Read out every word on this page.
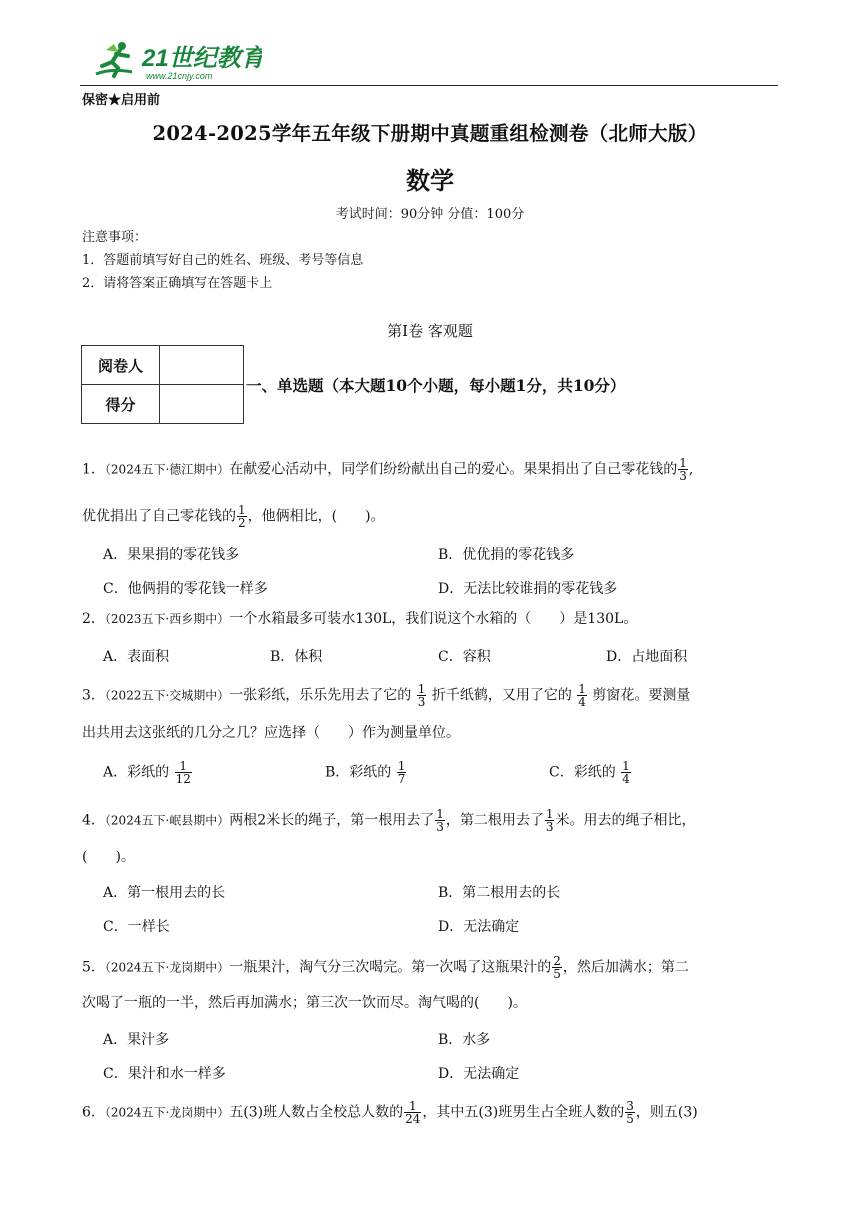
21世纪教育
www.21cnjy.com
保密★启用前
2024-2025学年五年级下册期中真题重组检测卷（北师大版）
数学
考试时间：90分钟 分值：100分
注意事项：
1．答题前填写好自己的姓名、班级、考号等信息
2．请将答案正确填写在答题卡上
第Ⅰ卷 客观题
阅卷人	
得分	
一、单选题（本大题10个小题，每小题1分，共10分）
1．（2024五下·德江期中）在献爱心活动中，同学们纷纷献出自己的爱心。果果捐出了自己零花钱的 $\frac{1}{3}$ ,
优优捐出了自己零花钱的 $\frac{1}{2}$ ，他俩相比，(　　)。
A．果果捐的零花钱多	B．优优捐的零花钱多
C．他俩捐的零花钱一样多	D．无法比较谁捐的零花钱多
2．（2023五下·西乡期中）一个水箱最多可装水130L，我们说这个水箱的（　　）是130L。
A．表面积	B．体积	C．容积	D．占地面积
3．（2022五下·交城期中）一张彩纸，乐乐先用去了它的 $\frac{1}{3}$ 折千纸鹤，又用了它的 $\frac{1}{4}$ 剪窗花。要测量
出共用去这张纸的几分之几？应选择（　　）作为测量单位。
A．彩纸的 $\frac{1}{12}$	B．彩纸的 $\frac{1}{7}$	C．彩纸的 $\frac{1}{4}$
4．（2024五下·岷县期中）两根2米长的绳子，第一根用去了 $\frac{1}{3}$ ，第二根用去了 $\frac{1}{3}$ 米。用去的绳子相比，
(　　)。
A．第一根用去的长	B．第二根用去的长
C．一样长	D．无法确定
5．（2024五下·龙岗期中）一瓶果汁，淘气分三次喝完。第一次喝了这瓶果汁的 $\frac{2}{5}$ ，然后加满水；第二
次喝了一瓶的一半，然后再加满水；第三次一饮而尽。淘气喝的(　　)。
A．果汁多	B．水多
C．果汁和水一样多	D．无法确定
6．（2024五下·龙岗期中）五(3)班人数占全校总人数的 $\frac{1}{24}$ ，其中五(3)班男生占全班人数的 $\frac{3}{5}$ ，则五(3)
